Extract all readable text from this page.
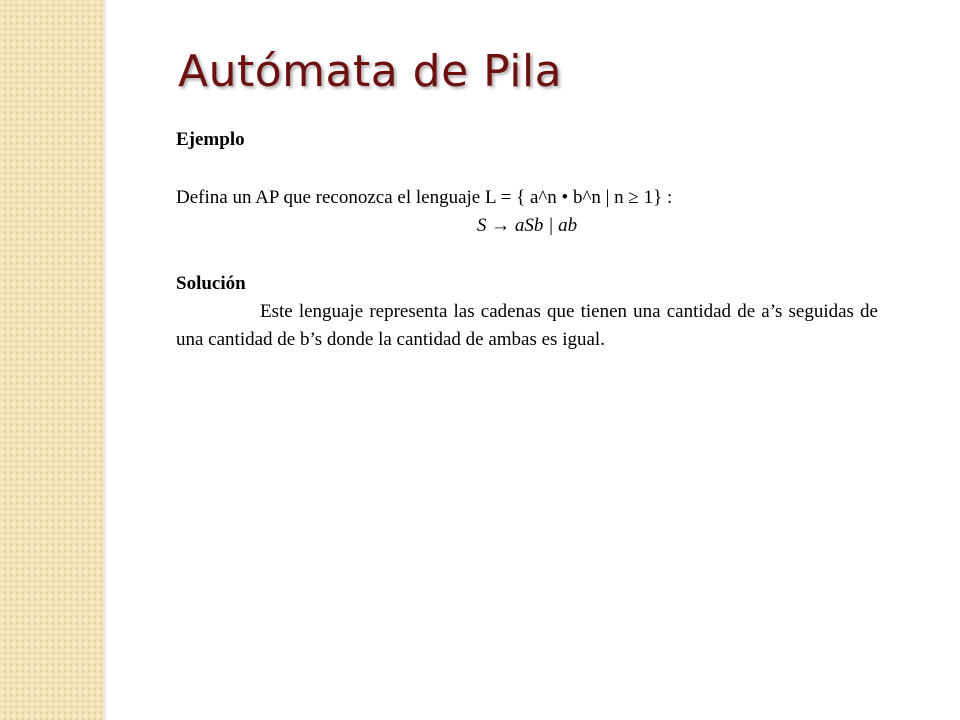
Autómata de Pila

Ejemplo

Defina un AP que reconozca el lenguaje L = { a^n • b^n | n ≥ 1} :

S → aSb | ab

Solución

Este lenguaje representa las cadenas que tienen una cantidad de a’s seguidas de una cantidad de b’s donde la cantidad de ambas es igual.
